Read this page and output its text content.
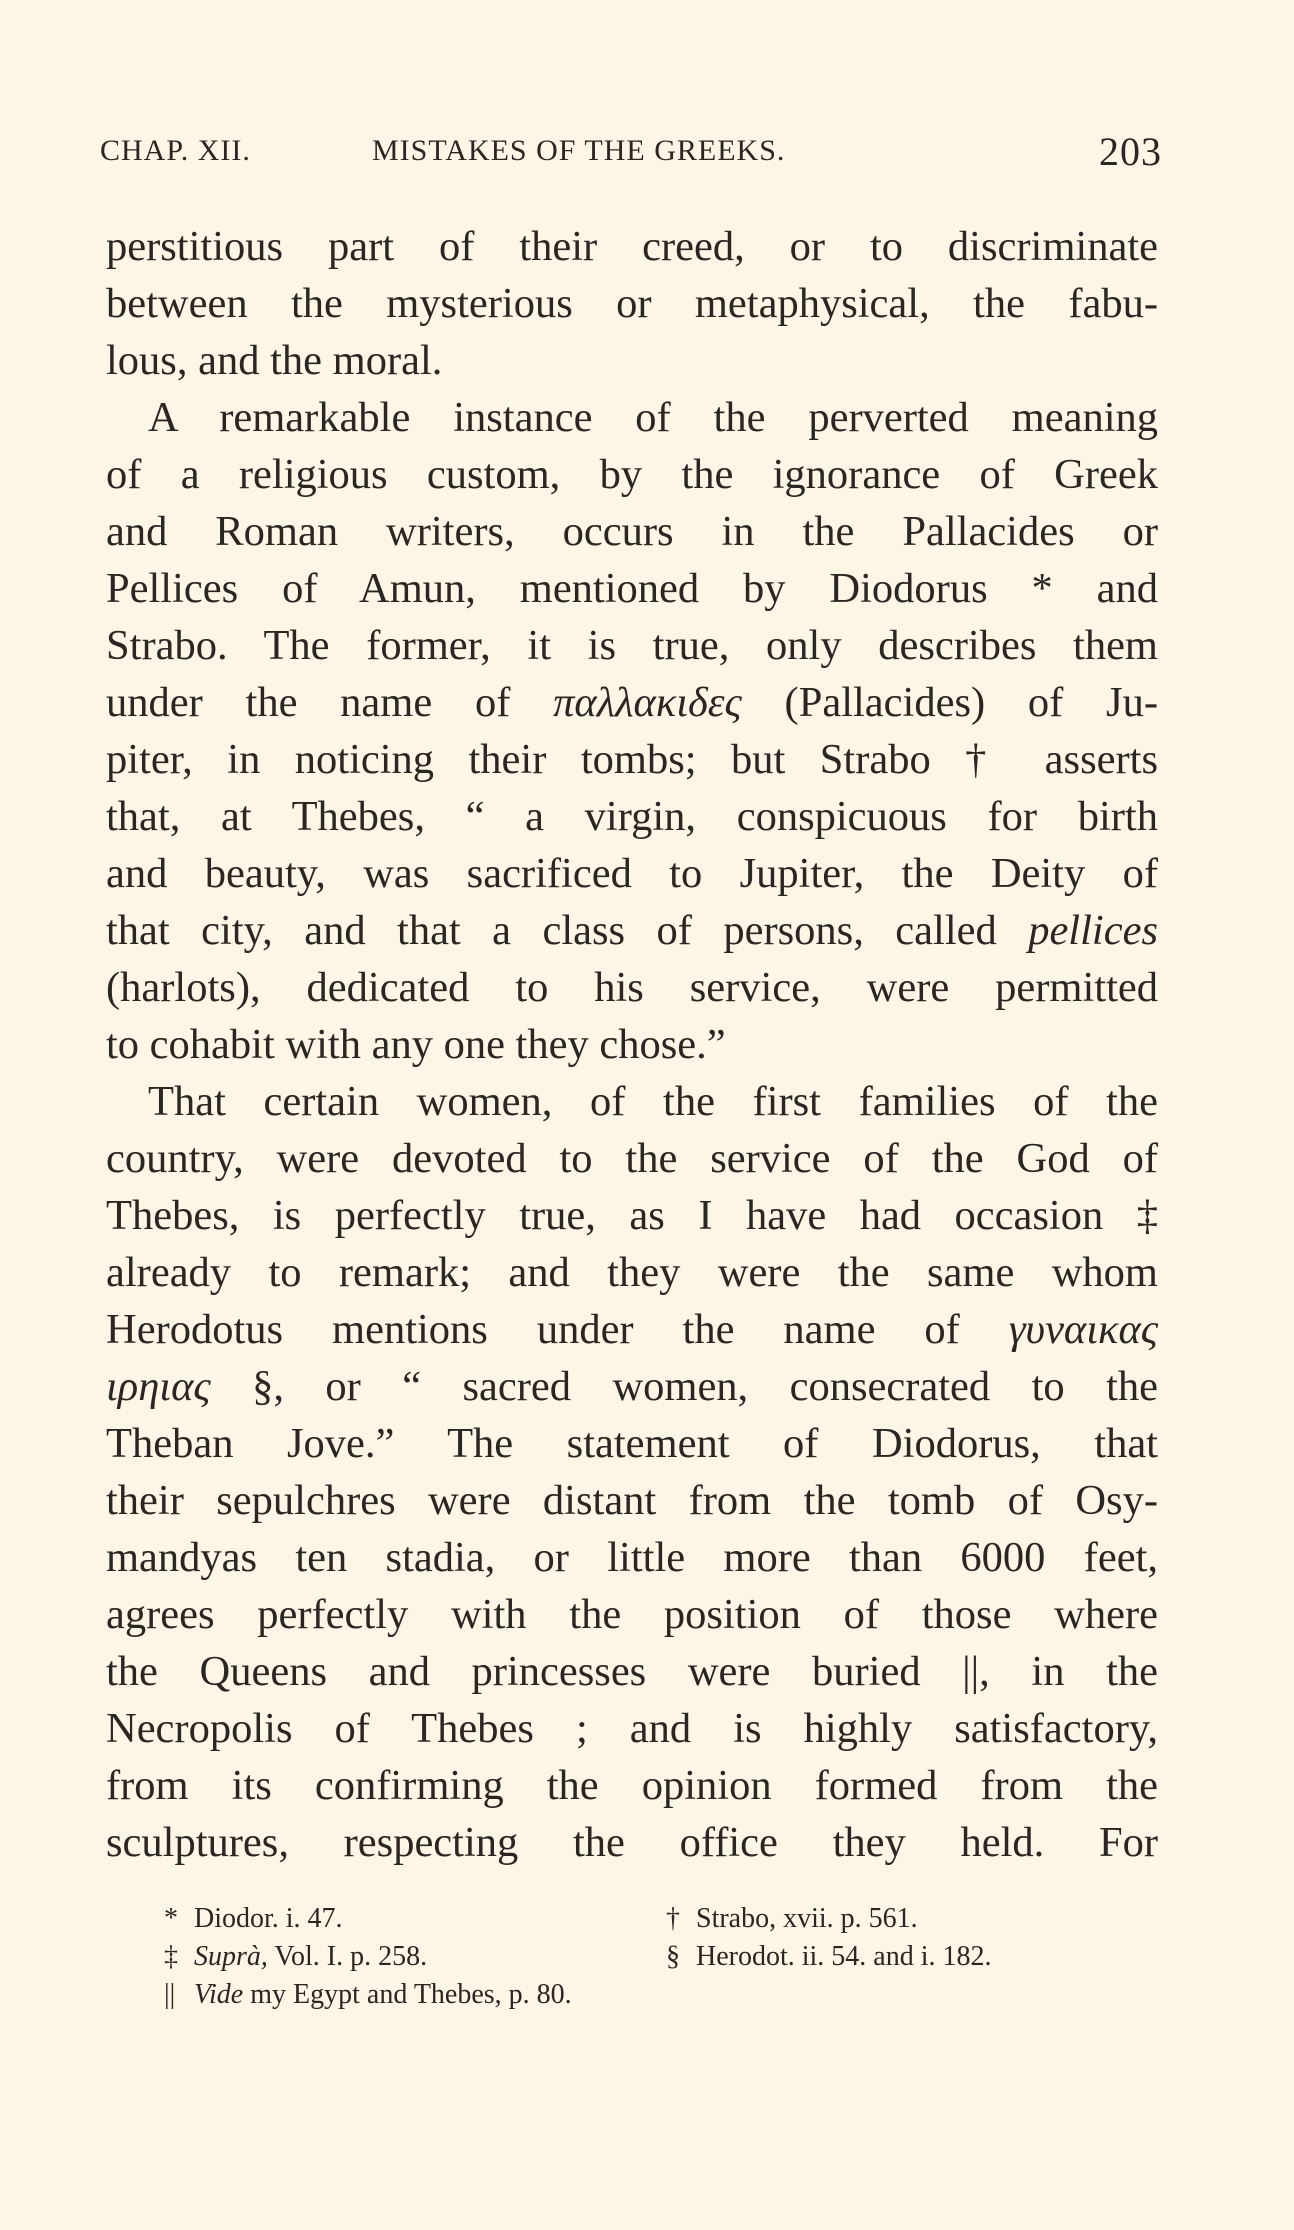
CHAP. XII.	MISTAKES OF THE GREEKS.	203
perstitious part of their creed, or to discriminate
between the mysterious or metaphysical, the fabu-
lous, and the moral.
A remarkable instance of the perverted meaning
of a religious custom, by the ignorance of Greek
and Roman writers, occurs in the Pallacides or
Pellices of Amun, mentioned by Diodorus * and
Strabo. The former, it is true, only describes them
under the name of παλλακιδες (Pallacides) of Ju-
piter, in noticing their tombs; but Strabo † asserts
that, at Thebes, “ a virgin, conspicuous for birth
and beauty, was sacrificed to Jupiter, the Deity of
that city, and that a class of persons, called pellices
(harlots), dedicated to his service, were permitted
to cohabit with any one they chose.”
That certain women, of the first families of the
country, were devoted to the service of the God of
Thebes, is perfectly true, as I have had occasion ‡
already to remark; and they were the same whom
Herodotus mentions under the name of γυναικας
ιρηιας §, or “ sacred women, consecrated to the
Theban Jove.” The statement of Diodorus, that
their sepulchres were distant from the tomb of Osy-
mandyas ten stadia, or little more than 6000 feet,
agrees perfectly with the position of those where
the Queens and princesses were buried ||, in the
Necropolis of Thebes ; and is highly satisfactory,
from its confirming the opinion formed from the
sculptures, respecting the office they held. For
* Diodor. i. 47.	† Strabo, xvii. p. 561.
‡ Suprà, Vol. I. p. 258.	§ Herodot. ii. 54. and i. 182.
|| Vide my Egypt and Thebes, p. 80.
